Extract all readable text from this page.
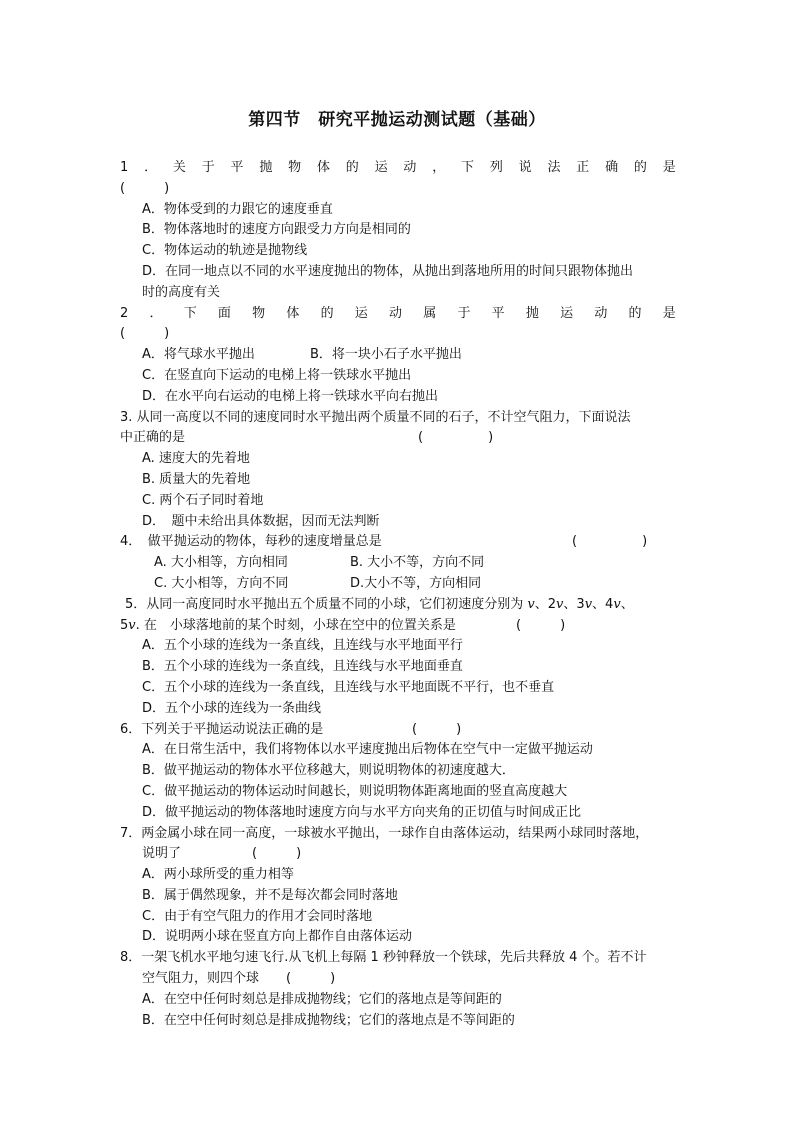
第四节　研究平抛运动测试题（基础）
1 ． 关 于 平 抛 物 体 的 运 动 ， 下 列 说 法 正 确 的 是
(　　　)
A．物体受到的力跟它的速度垂直
B．物体落地时的速度方向跟受力方向是相同的
C．物体运动的轨迹是抛物线
D．在同一地点以不同的水平速度抛出的物体，从抛出到落地所用的时间只跟物体抛出
时的高度有关
2 ． 下 面 物 体 的 运 动 属 于 平 抛 运 动 的 是
(　　　)
A．将气球水平抛出	B．将一块小石子水平抛出
C．在竖直向下运动的电梯上将一铁球水平抛出
D．在水平向右运动的电梯上将一铁球水平向右抛出
3. 从同一高度以不同的速度同时水平抛出两个质量不同的石子，不计空气阻力，下面说法
中正确的是	(　　　　　)
A. 速度大的先着地
B. 质量大的先着地
C. 两个石子同时着地
D．　题中未给出具体数据，因而无法判断
4．　做平抛运动的物体，每秒的速度增量总是	(　　　　　)
A. 大小相等，方向相同	B. 大小不等，方向不同
C. 大小相等，方向不同	D.大小不等，方向相同
5．从同一高度同时水平抛出五个质量不同的小球，它们初速度分别为 v、2v、3v、4v、
5v. 在　小球落地前的某个时刻，小球在空中的位置关系是	(　　　)
A．五个小球的连线为一条直线，且连线与水平地面平行
B．五个小球的连线为一条直线，且连线与水平地面垂直
C．五个小球的连线为一条直线，且连线与水平地面既不平行，也不垂直
D．五个小球的连线为一条曲线
6．下列关于平抛运动说法正确的是	(　　　)
A．在日常生活中，我们将物体以水平速度抛出后物体在空气中一定做平抛运动
B．做平抛运动的物体水平位移越大，则说明物体的初速度越大．
C．做平抛运动的物体运动时间越长，则说明物体距离地面的竖直高度越大
D．做平抛运动的物体落地时速度方向与水平方向夹角的正切值与时间成正比
7．两金属小球在同一高度，一球被水平抛出，一球作自由落体运动，结果两小球同时落地，
说明了	(　　　)
A．两小球所受的重力相等
B．属于偶然现象，并不是每次都会同时落地
C．由于有空气阻力的作用才会同时落地
D．说明两小球在竖直方向上都作自由落体运动
8．一架飞机水平地匀速飞行.从飞机上每隔 1 秒钟释放一个铁球，先后共释放 4 个。若不计
空气阻力，则四个球	(　　　)
A．在空中任何时刻总是排成抛物线；它们的落地点是等间距的
B．在空中任何时刻总是排成抛物线；它们的落地点是不等间距的
